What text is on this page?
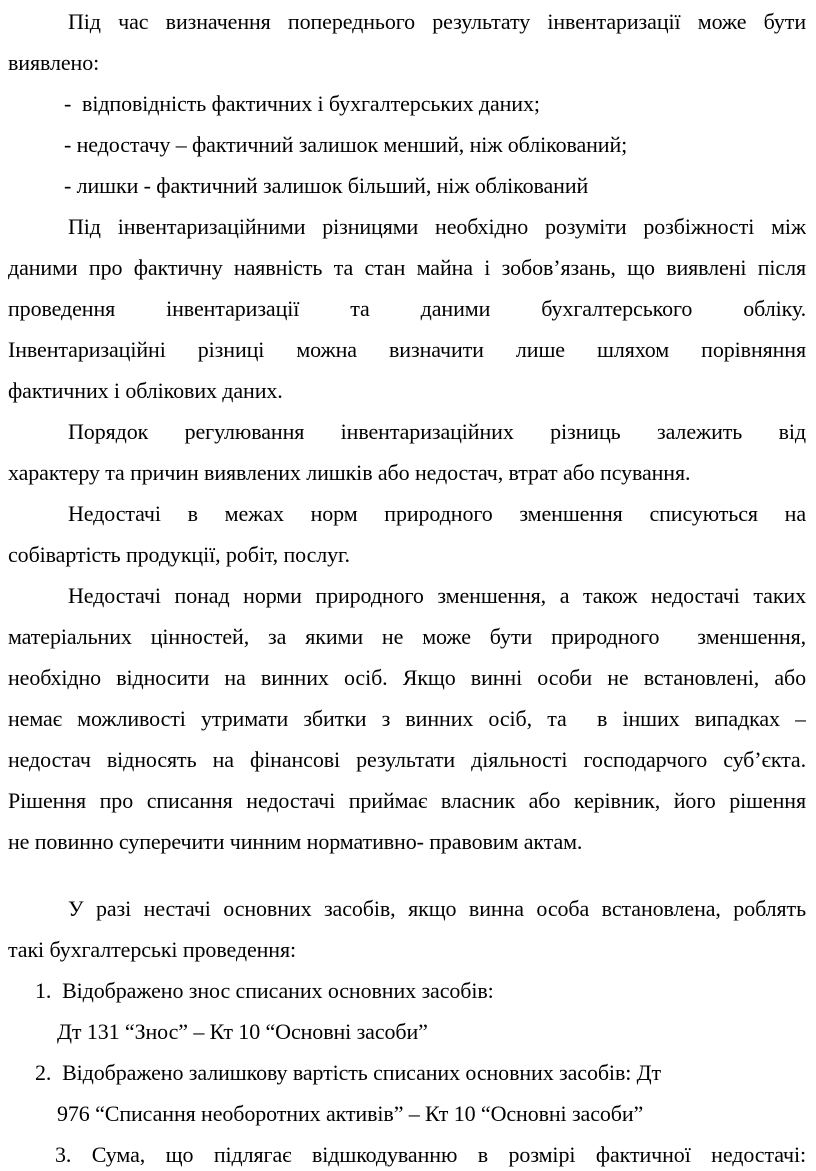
Під час визначення попереднього результату інвентаризації може бути
виявлено:
-  відповідність фактичних і бухгалтерських даних;
- недостачу – фактичний залишок менший, ніж облікований;
- лишки - фактичний залишок більший, ніж облікований
Під інвентаризаційними різницями необхідно розуміти розбіжності між
даними про фактичну наявність та стан майна і зобов’язань, що виявлені після
проведення інвентаризації та даними бухгалтерського обліку.
Інвентаризаційні різниці можна визначити лише шляхом порівняння
фактичних і облікових даних.
Порядок регулювання інвентаризаційних різниць залежить від
характеру та причин виявлених лишків або недостач, втрат або псування.
Недостачі в межах норм природного зменшення списуються на
собівартість продукції, робіт, послуг.
Недостачі понад норми природного зменшення, а також недостачі таких
матеріальних цінностей, за якими не може бути природного  зменшення,
необхідно відносити на винних осіб. Якщо винні особи не встановлені, або
немає можливості утримати збитки з винних осіб, та  в інших випадках –
недостач відносять на фінансові результати діяльності господарчого суб’єкта.
Рішення про списання недостачі приймає власник або керівник, його рішення
не повинно суперечити чинним нормативно- правовим актам.
У разі нестачі основних засобів, якщо винна особа встановлена, роблять
такі бухгалтерські проведення:
1.  Відображено знос списаних основних засобів:
Дт 131 “Знос” – Кт 10 “Основні засоби”
2.  Відображено залишкову вартість списаних основних засобів: Дт
976 “Списання необоротних активів” – Кт 10 “Основні засоби”
3. Сума, що підлягає відшкодуванню в розмірі фактичної недостачі:
